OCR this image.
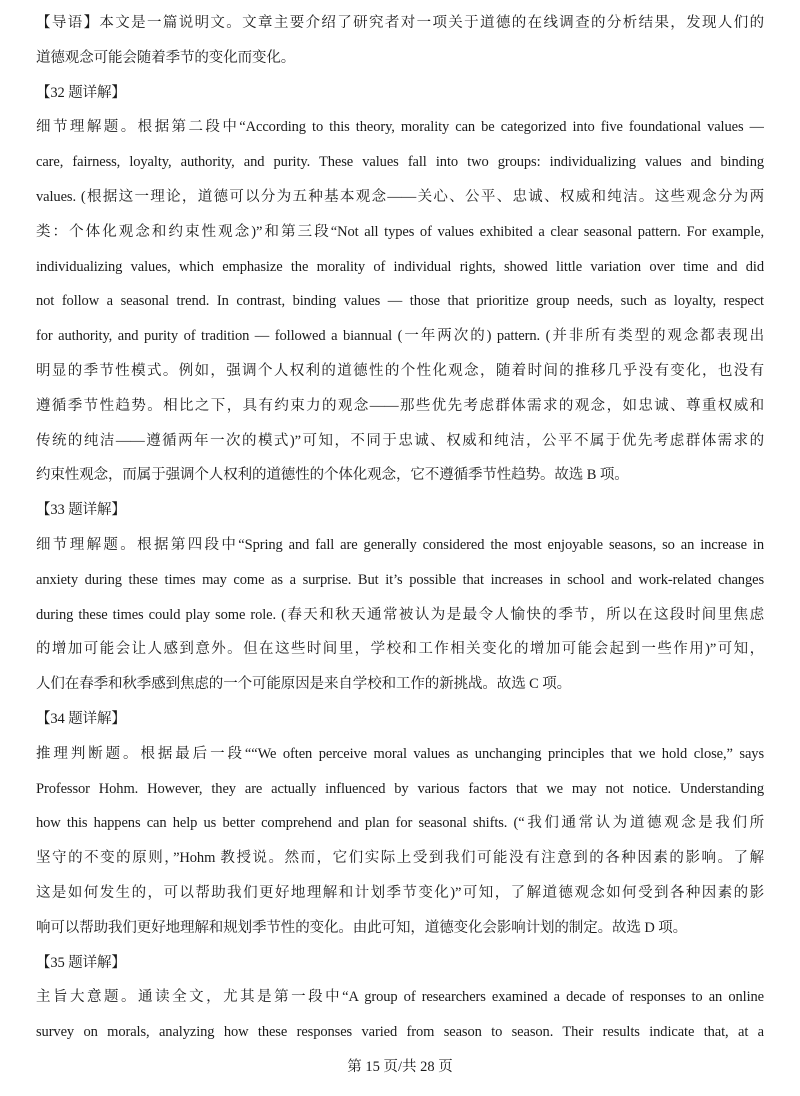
【导语】本文是一篇说明文。文章主要介绍了研究者对一项关于道德的在线调查的分析结果，发现人们的
道德观念可能会随着季节的变化而变化。
【32 题详解】
细节理解题。根据第二段中“According to this theory, morality can be categorized into five foundational values —
care, fairness, loyalty, authority, and purity. These values fall into two groups: individualizing values and binding
values. (根据这一理论，道德可以分为五种基本观念——关心、公平、忠诚、权威和纯洁。这些观念分为两
类：个体化观念和约束性观念)”和第三段“Not all types of values exhibited a clear seasonal pattern. For example,
individualizing values, which emphasize the morality of individual rights, showed little variation over time and did
not follow a seasonal trend. In contrast, binding values — those that prioritize group needs, such as loyalty, respect
for authority, and purity of tradition — followed a biannual (一年两次的) pattern. (并非所有类型的观念都表现出
明显的季节性模式。例如，强调个人权利的道德性的个性化观念，随着时间的推移几乎没有变化，也没有
遵循季节性趋势。相比之下，具有约束力的观念——那些优先考虑群体需求的观念，如忠诚、尊重权威和
传统的纯洁——遵循两年一次的模式)”可知，不同于忠诚、权威和纯洁，公平不属于优先考虑群体需求的
约束性观念，而属于强调个人权利的道德性的个体化观念，它不遵循季节性趋势。故选 B 项。
【33 题详解】
细节理解题。根据第四段中“Spring and fall are generally considered the most enjoyable seasons, so an increase in
anxiety during these times may come as a surprise. But it’s possible that increases in school and work-related changes
during these times could play some role. (春天和秋天通常被认为是最令人愉快的季节，所以在这段时间里焦虑
的增加可能会让人感到意外。但在这些时间里，学校和工作相关变化的增加可能会起到一些作用)”可知，
人们在春季和秋季感到焦虑的一个可能原因是来自学校和工作的新挑战。故选 C 项。
【34 题详解】
推理判断题。根据最后一段““We often perceive moral values as unchanging principles that we hold close,” says
Professor Hohm. However, they are actually influenced by various factors that we may not notice. Understanding
how this happens can help us better comprehend and plan for seasonal shifts. (“我们通常认为道德观念是我们所
坚守的不变的原则，”Hohm 教授说。然而，它们实际上受到我们可能没有注意到的各种因素的影响。了解
这是如何发生的，可以帮助我们更好地理解和计划季节变化)”可知，了解道德观念如何受到各种因素的影
响可以帮助我们更好地理解和规划季节性的变化。由此可知，道德变化会影响计划的制定。故选 D 项。
【35 题详解】
主旨大意题。通读全文，尤其是第一段中“A group of researchers examined a decade of responses to an online
survey on morals, analyzing how these responses varied from season to season. Their results indicate that, at a
第 15 页/共 28 页
